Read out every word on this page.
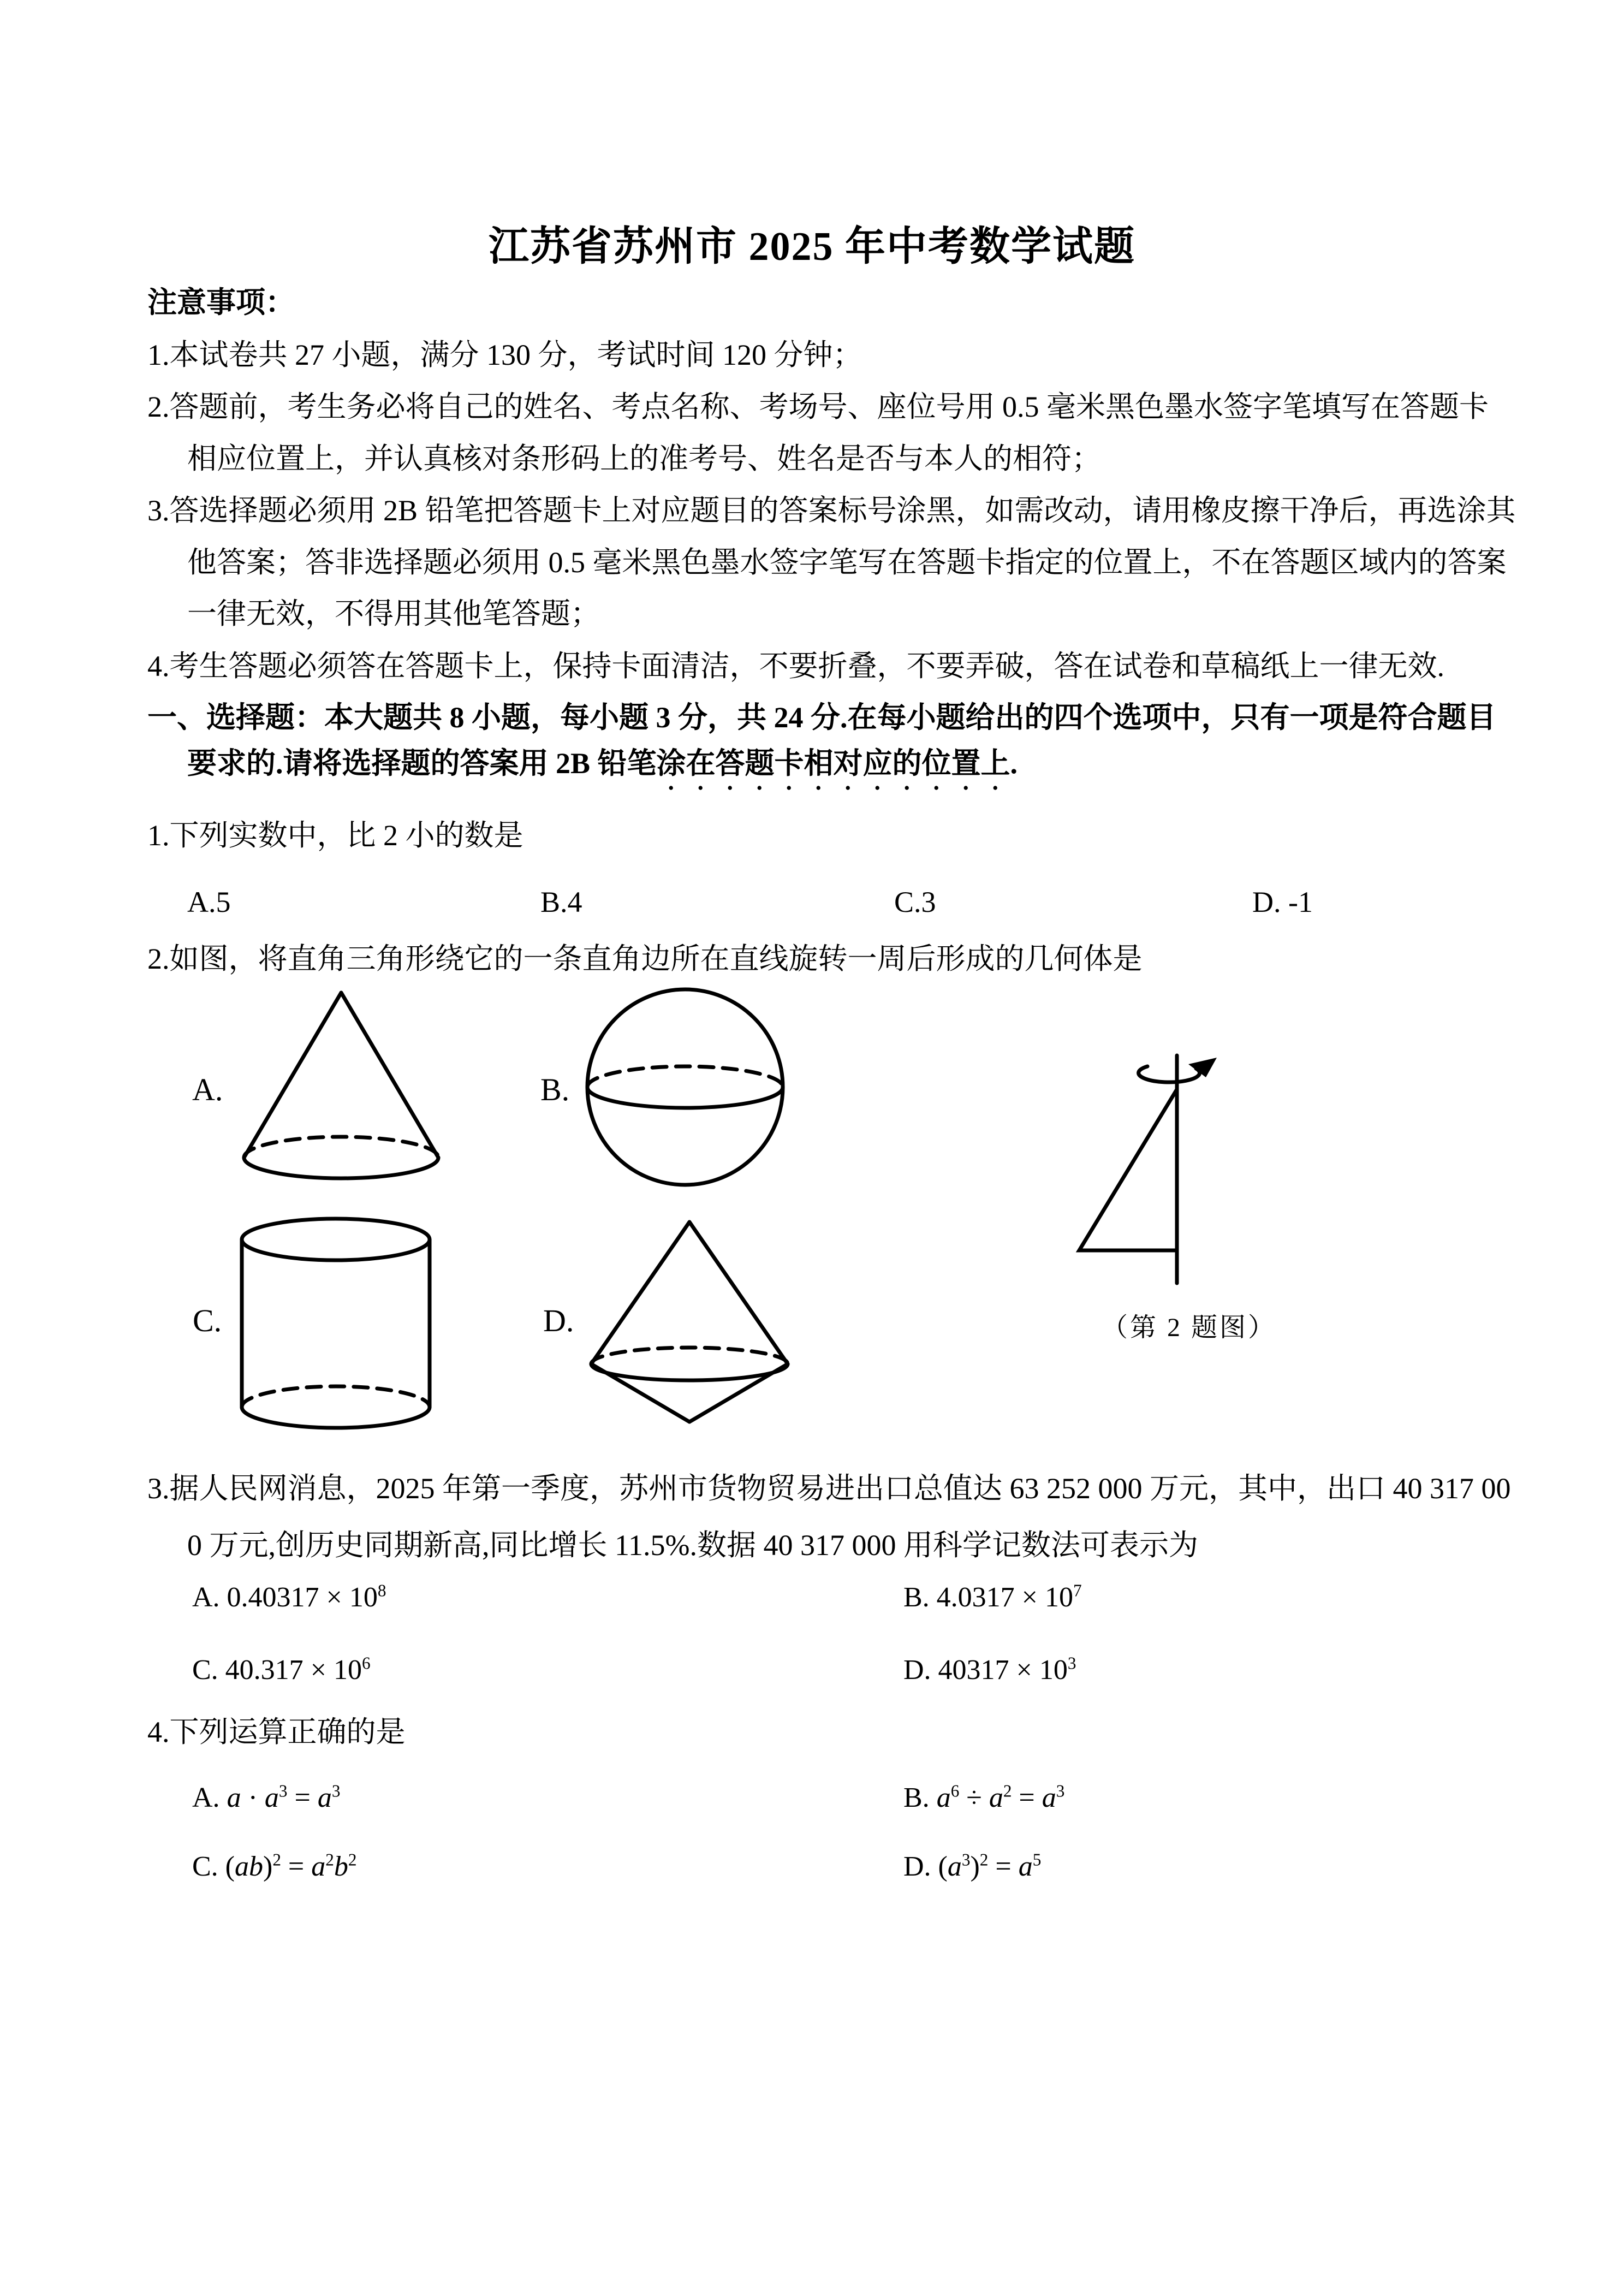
江苏省苏州市 2025 年中考数学试题
注意事项：
1.本试卷共 27 小题，满分 130 分，考试时间 120 分钟；
2.答题前，考生务必将自己的姓名、考点名称、考场号、座位号用 0.5 毫米黑色墨水签字笔填写在答题卡
相应位置上，并认真核对条形码上的准考号、姓名是否与本人的相符；
3.答选择题必须用 2B 铅笔把答题卡上对应题目的答案标号涂黑，如需改动，请用橡皮擦干净后，再选涂其
他答案；答非选择题必须用 0.5 毫米黑色墨水签字笔写在答题卡指定的位置上，不在答题区域内的答案
一律无效，不得用其他笔答题；
4.考生答题必须答在答题卡上，保持卡面清洁，不要折叠，不要弄破，答在试卷和草稿纸上一律无效.
一、选择题：本大题共 8 小题，每小题 3 分，共 24 分.在每小题给出的四个选项中，只有一项是符合题目
要求的.请将选择题的答案用 2B 铅笔涂在答题卡相对应的位置上.
1.下列实数中，比 2 小的数是
A.5	B.4	C.3	D. -1
2.如图，将直角三角形绕它的一条直角边所在直线旋转一周后形成的几何体是
A.	B.
C.	D.	（第 2 题图）
3.据人民网消息，2025 年第一季度，苏州市货物贸易进出口总值达 63 252 000 万元，其中，出口 40 317 00
0 万元,创历史同期新高,同比增长 11.5%.数据 40 317 000 用科学记数法可表示为
A. $0.40317 \times 10^8$	B. $4.0317 \times 10^7$
C. $40.317 \times 10^6$	D. $40317 \times 10^3$
4.下列运算正确的是
A. $a \cdot a^3 = a^3$	B. $a^6 \div a^2 = a^3$
C. $(ab)^2 = a^2b^2$	D. $(a^3)^2 = a^5$
